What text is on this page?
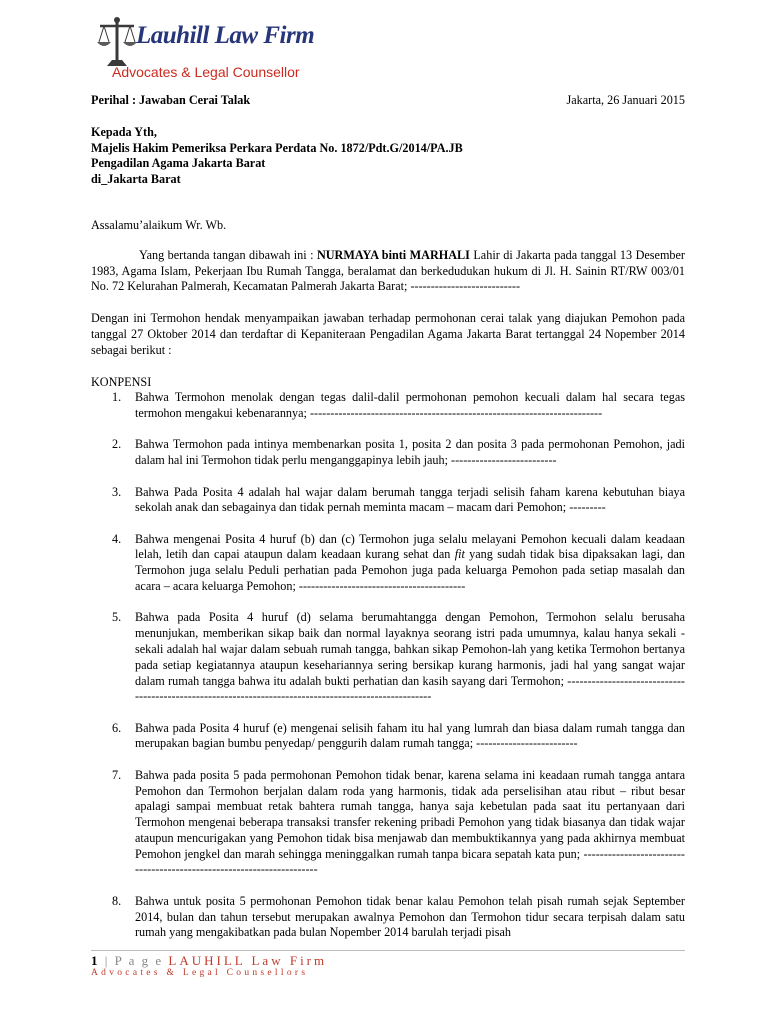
Lauhill Law Firm
Advocates & Legal Counsellor
Perihal : Jawaban Cerai Talak	Jakarta, 26 Januari 2015
Kepada Yth,
Majelis Hakim Pemeriksa Perkara Perdata No. 1872/Pdt.G/2014/PA.JB
Pengadilan Agama Jakarta Barat
di_Jakarta Barat
Assalamu’alaikum Wr. Wb.

Yang bertanda tangan dibawah ini : NURMAYA binti MARHALI Lahir di Jakarta pada tanggal 13 Desember 1983, Agama Islam, Pekerjaan Ibu Rumah Tangga, beralamat dan berkedudukan hukum di Jl. H. Sainin RT/RW 003/01 No. 72 Kelurahan Palmerah, Kecamatan Palmerah Jakarta Barat; ---------------------------

Dengan ini Termohon hendak menyampaikan jawaban terhadap permohonan cerai talak yang diajukan Pemohon pada tanggal 27 Oktober 2014 dan terdaftar di Kepaniteraan Pengadilan Agama Jakarta Barat tertanggal 24 Nopember 2014 sebagai berikut :

KONPENSI
1. Bahwa Termohon menolak dengan tegas dalil-dalil permohonan pemohon kecuali dalam hal secara tegas termohon mengakui kebenarannya; ------------------------------------------------------------------------
2. Bahwa Termohon pada intinya membenarkan posita 1, posita 2 dan posita 3 pada permohonan Pemohon, jadi dalam hal ini Termohon tidak perlu menganggapinya lebih jauh; --------------------------
3. Bahwa Pada Posita 4 adalah hal wajar dalam berumah tangga terjadi selisih faham karena kebutuhan biaya sekolah anak dan sebagainya dan tidak pernah meminta macam – macam dari Pemohon; ---------
4. Bahwa mengenai Posita 4 huruf (b) dan (c) Termohon juga selalu melayani Pemohon kecuali dalam keadaan lelah, letih dan capai ataupun dalam keadaan kurang sehat dan fit yang sudah tidak bisa dipaksakan lagi, dan Termohon juga selalu Peduli perhatian pada Pemohon juga pada keluarga Pemohon pada setiap masalah dan acara – acara keluarga Pemohon; -----------------------------------------
5. Bahwa pada Posita 4 huruf (d) selama berumahtangga dengan Pemohon, Termohon selalu berusaha menunjukan, memberikan sikap baik dan normal layaknya seorang istri pada umumnya, kalau hanya sekali - sekali adalah hal wajar dalam sebuah rumah tangga, bahkan sikap Pemohon-lah yang ketika Termohon bertanya pada setiap kegiatannya ataupun kesehariannya sering bersikap kurang harmonis, jadi hal yang sangat wajar dalam rumah tangga bahwa itu adalah bukti perhatian dan kasih sayang dari Termohon; ------------------------------------------------------------------------------------------------------
6. Bahwa pada Posita 4 huruf (e) mengenai selisih faham itu hal yang lumrah dan biasa dalam rumah tangga dan merupakan bagian bumbu penyedap/ penggurih dalam rumah tangga; -------------------------
7. Bahwa pada posita 5 pada permohonan Pemohon tidak benar, karena selama ini keadaan rumah tangga antara Pemohon dan Termohon berjalan dalam roda yang harmonis, tidak ada perselisihan atau ribut – ribut besar apalagi sampai membuat retak bahtera rumah tangga, hanya saja kebetulan pada saat itu pertanyaan dari Termohon mengenai beberapa transaksi transfer rekening pribadi Pemohon yang tidak biasanya dan tidak wajar ataupun mencurigakan yang Pemohon tidak bisa menjawab dan membuktikannya yang pada akhirnya membuat Pemohon jengkel dan marah sehingga meninggalkan rumah tanpa bicara sepatah kata pun; ----------------------------------------------------------------------
8. Bahwa untuk posita 5 permohonan Pemohon tidak benar kalau Pemohon telah pisah rumah sejak September 2014, bulan dan tahun tersebut merupakan awalnya Pemohon dan Termohon tidur secara terpisah dalam satu rumah yang mengakibatkan pada bulan Nopember 2014 barulah terjadi pisah
1 | P a g e LAUHILL Law Firm
Advocates & Legal Counsellors
